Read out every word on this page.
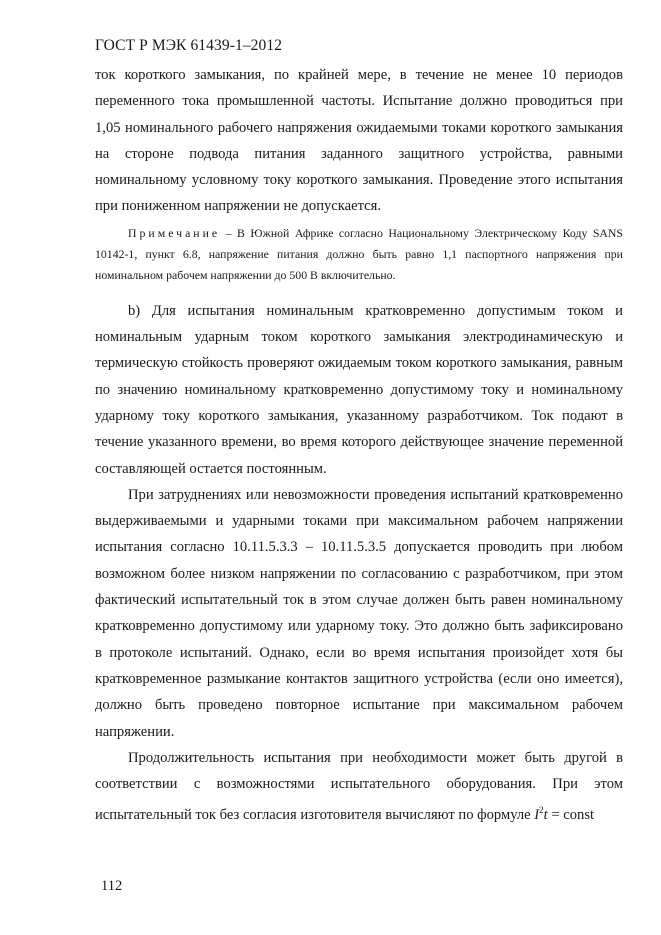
ГОСТ Р МЭК 61439-1–2012

ток короткого замыкания, по крайней мере, в течение не менее 10 периодов переменного тока промышленной частоты. Испытание должно проводиться при 1,05 номинального рабочего напряжения ожидаемыми токами короткого замыкания на стороне подвода питания заданного защитного устройства, равными номинальному условному току короткого замыкания. Проведение этого испытания при пониженном напряжении не допускается.

Примечание – В Южной Африке согласно Национальному Электрическому Коду SANS 10142-1, пункт 6.8, напряжение питания должно быть равно 1,1 паспортного напряжения при номинальном рабочем напряжении до 500 В включительно.

b) Для испытания номинальным кратковременно допустимым током и номинальным ударным током короткого замыкания электродинамическую и термическую стойкость проверяют ожидаемым током короткого замыкания, равным по значению номинальному кратковременно допустимому току и номинальному ударному току короткого замыкания, указанному разработчиком. Ток подают в течение указанного времени, во время которого действующее значение переменной составляющей остается постоянным.

При затруднениях или невозможности проведения испытаний кратковременно выдерживаемыми и ударными токами при максимальном рабочем напряжении испытания согласно 10.11.5.3.3 – 10.11.5.3.5 допускается проводить при любом возможном более низком напряжении по согласованию с разработчиком, при этом фактический испытательный ток в этом случае должен быть равен номинальному кратковременно допустимому или ударному току. Это должно быть зафиксировано в протоколе испытаний. Однако, если во время испытания произойдет хотя бы кратковременное размыкание контактов защитного устройства (если оно имеется), должно быть проведено повторное испытание при максимальном рабочем напряжении.

Продолжительность испытания при необходимости может быть другой в соответствии с возможностями испытательного оборудования. При этом испытательный ток без согласия изготовителя вычисляют по формуле $I^2t$ = const

112
